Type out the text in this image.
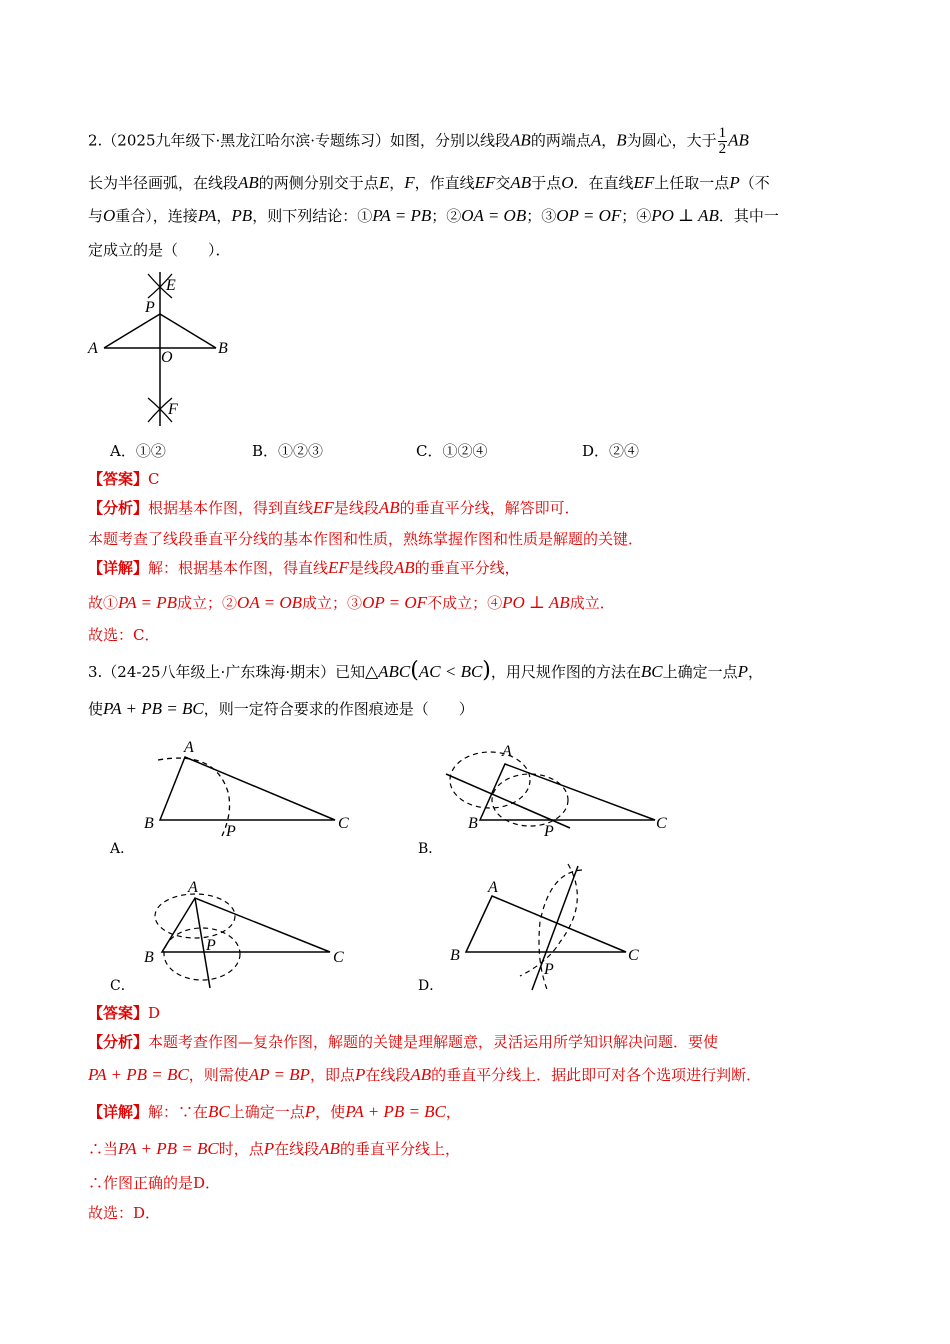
2.（2025九年级下·黑龙江哈尔滨·专题练习）如图，分别以线段AB的两端点A，B为圆心，大于 $\frac{1}{2}$ AB
长为半径画弧，在线段AB的两侧分别交于点E，F，作直线EF交AB于点O．在直线EF上任取一点P（不
与O重合），连接PA，PB，则下列结论：①PA = PB；②OA = OB；③OP = OF；④PO ⊥ AB．其中一
定成立的是（　　）．
E
P
A
O
B
F
A．①②	B．①②③	C．①②④	D．②④
【答案】C
【分析】根据基本作图，得到直线EF是线段AB的垂直平分线，解答即可．
本题考查了线段垂直平分线的基本作图和性质，熟练掌握作图和性质是解题的关键．
【详解】解：根据基本作图，得直线EF是线段AB的垂直平分线，
故①PA = PB成立；②OA = OB成立；③OP = OF不成立；④PO ⊥ AB成立．
故选：C．
3.（24-25八年级上·广东珠海·期末）已知△ABC(AC < BC)，用尺规作图的方法在BC上确定一点P，
使PA + PB = BC，则一定符合要求的作图痕迹是（　　）
A
B	C
P
A．
A
B	C
P
B．
A
B	C
P
C．
A
B	C
P
D．
【答案】D
【分析】本题考查作图—复杂作图，解题的关键是理解题意，灵活运用所学知识解决问题．要使
PA + PB = BC，则需使AP = BP，即点P在线段AB的垂直平分线上．据此即可对各个选项进行判断．
【详解】解：∵在BC上确定一点P，使PA + PB = BC，
∴当PA + PB = BC时，点P在线段AB的垂直平分线上，
∴作图正确的是D．
故选：D．
